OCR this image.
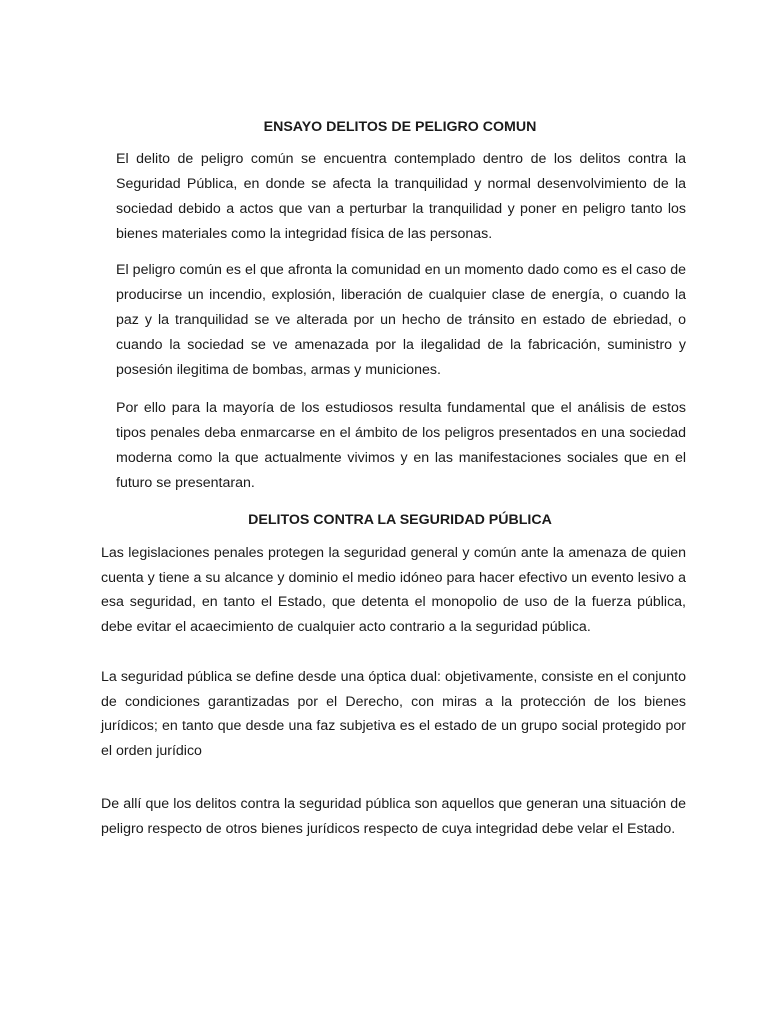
ENSAYO DELITOS DE PELIGRO COMUN

El delito de peligro común se encuentra contemplado dentro de los delitos contra la Seguridad Pública, en donde se afecta la tranquilidad y normal desenvolvimiento de la sociedad debido a actos que van a perturbar la tranquilidad y poner en peligro tanto los bienes materiales como la integridad física de las personas.

El peligro común es el que afronta la comunidad en un momento dado como es el caso de producirse un incendio, explosión, liberación de cualquier clase de energía, o cuando la paz y la tranquilidad se ve alterada por un hecho de tránsito en estado de ebriedad, o cuando la sociedad se ve amenazada por la ilegalidad de la fabricación, suministro y posesión ilegitima de bombas, armas y municiones.

Por ello para la mayoría de los estudiosos resulta fundamental que el análisis de estos tipos penales deba enmarcarse en el ámbito de los peligros presentados en una sociedad moderna como la que actualmente vivimos y en las manifestaciones sociales que en el futuro se presentaran.

DELITOS CONTRA LA SEGURIDAD PÚBLICA

Las legislaciones penales protegen la seguridad general y común ante la amenaza de quien cuenta y tiene a su alcance y dominio el medio idóneo para hacer efectivo un evento lesivo a esa seguridad, en tanto el Estado, que detenta el monopolio de uso de la fuerza pública, debe evitar el acaecimiento de cualquier acto contrario a la seguridad pública.

La seguridad pública se define desde una óptica dual: objetivamente, consiste en el conjunto de condiciones garantizadas por el Derecho, con miras a la protección de los bienes jurídicos; en tanto que desde una faz subjetiva es el estado de un grupo social protegido por el orden jurídico

De allí que los delitos contra la seguridad pública son aquellos que generan una situación de peligro respecto de otros bienes jurídicos respecto de cuya integridad debe velar el Estado.
